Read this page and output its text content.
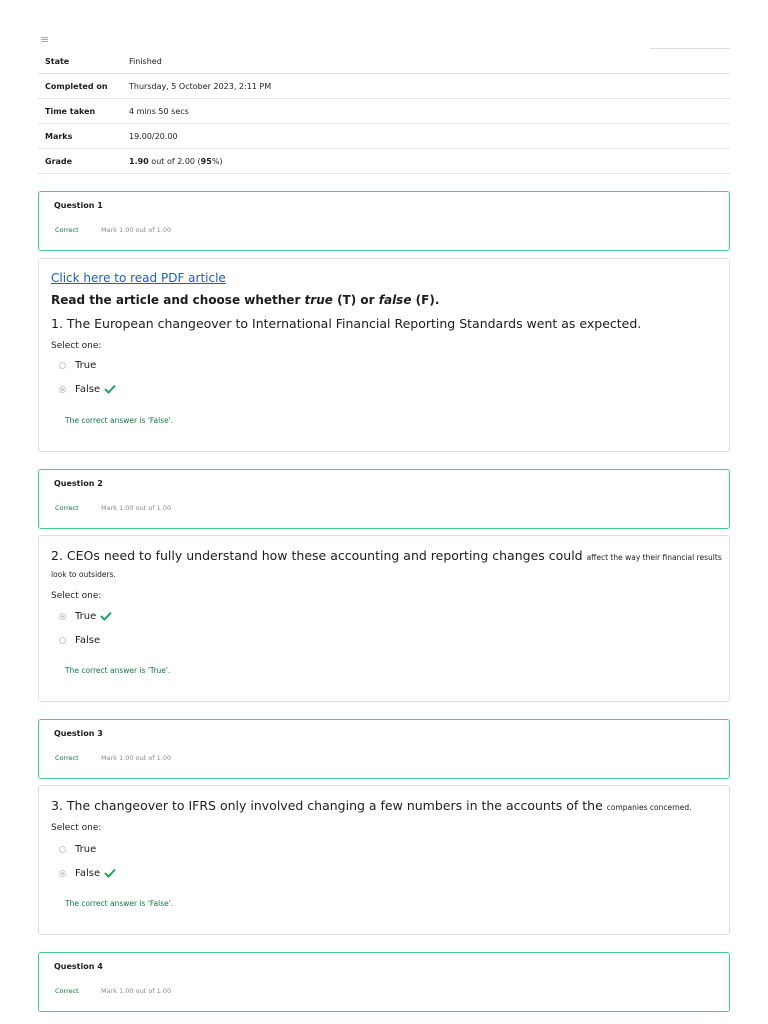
≡
State	Finished
Completed on	Thursday, 5 October 2023, 2:11 PM
Time taken	4 mins 50 secs
Marks	19.00/20.00
Grade	1.90 out of 2.00 (95%)
Question 1
Correct	Mark 1.00 out of 1.00
Click here to read PDF article
Read the article and choose whether true (T) or false (F).
1. The European changeover to International Financial Reporting Standards went as expected.
Select one:
True
False
The correct answer is 'False'.
Question 2
Correct	Mark 1.00 out of 1.00
2. CEOs need to fully understand how these accounting and reporting changes could affect the way their financial results
look to outsiders.
Select one:
True
False
The correct answer is 'True'.
Question 3
Correct	Mark 1.00 out of 1.00
3. The changeover to IFRS only involved changing a few numbers in the accounts of the companies concerned.
Select one:
True
False
The correct answer is 'False'.
Question 4
Correct	Mark 1.00 out of 1.00
